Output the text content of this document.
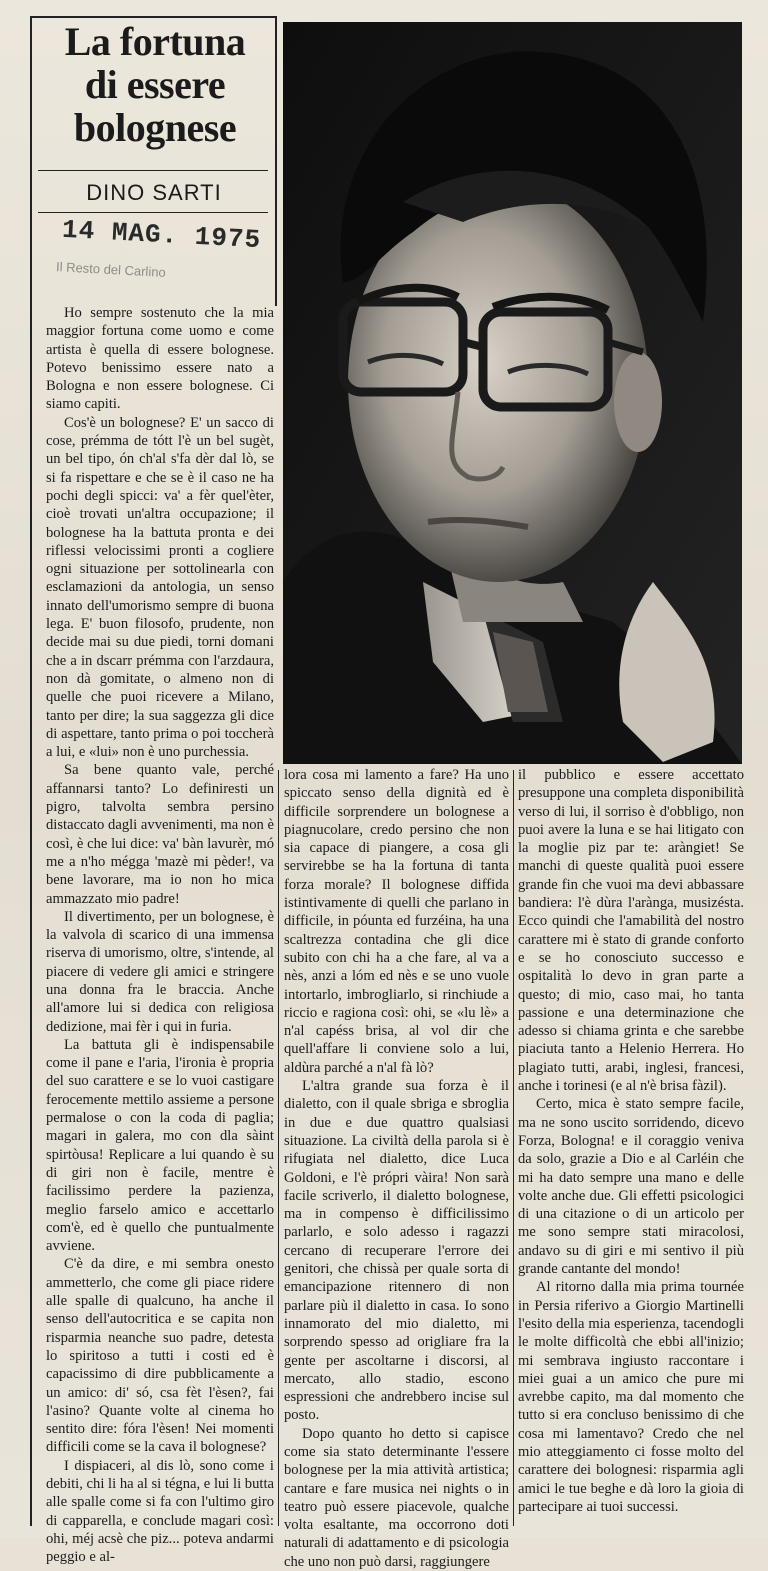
La fortuna
di essere
bolognese
DINO SARTI
14 MAG. 1975
Il Resto del Carlino

Ho sempre sostenuto che la mia maggior fortuna come uomo e come artista è quella di essere bolognese. Potevo benissimo essere nato a Bologna e non essere bolognese. Ci siamo capiti.

Cos'è un bolognese? E' un sacco di cose, prémma de tótt l'è un bel sugèt, un bel tipo, ón ch'al s'fa dèr dal lò, se si fa rispettare e che se è il caso ne ha pochi degli spicci: va' a fèr quel'èter, cioè trovati un'altra occupazione; il bolognese ha la battuta pronta e dei riflessi velocissimi pronti a cogliere ogni situazione per sottolinearla con esclamazioni da antologia, un senso innato dell'umorismo sempre di buona lega. E' buon filosofo, prudente, non decide mai su due piedi, torni domani che a in dscarr prémma con l'arzdaura, non dà gomitate, o almeno non di quelle che puoi ricevere a Milano, tanto per dire; la sua saggezza gli dice di aspettare, tanto prima o poi toccherà a lui, e «lui» non è uno purchessia.

Sa bene quanto vale, perché affannarsi tanto? Lo definiresti un pigro, talvolta sembra persino distaccato dagli avvenimenti, ma non è così, è che lui dice: va' bàn lavurèr, mó me a n'ho mégga 'mazè mi pèder!, va bene lavorare, ma io non ho mica ammazzato mio padre!

Il divertimento, per un bolognese, è la valvola di scarico di una immensa riserva di umorismo, oltre, s'intende, al piacere di vedere gli amici e stringere una donna fra le braccia. Anche all'amore lui si dedica con religiosa dedizione, mai fèr i qui in furia.

La battuta gli è indispensabile come il pane e l'aria, l'ironia è propria del suo carattere e se lo vuoi castigare ferocemente mettilo assieme a persone permalose o con la coda di paglia; magari in galera, mo con dla sàint spirtòusa! Replicare a lui quando è su di giri non è facile, mentre è facilissimo perdere la pazienza, meglio farselo amico e accettarlo com'è, ed è quello che puntualmente avviene.

C'è da dire, e mi sembra onesto ammetterlo, che come gli piace ridere alle spalle di qualcuno, ha anche il senso dell'autocritica e se capita non risparmia neanche suo padre, detesta lo spiritoso a tutti i costi ed è capacissimo di dire pubblicamente a un amico: di' só, csa fèt l'èsen?, fai l'asino? Quante volte al cinema ho sentito dire: fóra l'èsen! Nei momenti difficili come se la cava il bolognese?

I dispiaceri, al dis lò, sono come i debiti, chi li ha al si tégna, e lui li butta alle spalle come si fa con l'ultimo giro di capparella, e conclude magari così: ohi, méj acsè che piz... poteva andarmi peggio e al-

lora cosa mi lamento a fare? Ha uno spiccato senso della dignità ed è difficile sorprendere un bolognese a piagnucolare, credo persino che non sia capace di piangere, a cosa gli servirebbe se ha la fortuna di tanta forza morale? Il bolognese diffida istintivamente di quelli che parlano in difficile, in póunta ed furzéina, ha una scaltrezza contadina che gli dice subito con chi ha a che fare, al va a nès, anzi a lóm ed nès e se uno vuole intortarlo, imbrogliarlo, si rinchiude a riccio e ragiona così: ohi, se «lu lè» a n'al capéss brisa, al vol dir che quell'affare li conviene solo a lui, aldùra parché a n'al fà lò?

L'altra grande sua forza è il dialetto, con il quale sbriga e sbroglia in due e due quattro qualsiasi situazione. La civiltà della parola si è rifugiata nel dialetto, dice Luca Goldoni, e l'è própri vàira! Non sarà facile scriverlo, il dialetto bolognese, ma in compenso è difficilissimo parlarlo, e solo adesso i ragazzi cercano di recuperare l'errore dei genitori, che chissà per quale sorta di emancipazione ritennero di non parlare più il dialetto in casa. Io sono innamorato del mio dialetto, mi sorprendo spesso ad origliare fra la gente per ascoltarne i discorsi, al mercato, allo stadio, escono espressioni che andrebbero incise sul posto.

Dopo quanto ho detto si capisce come sia stato determinante l'essere bolognese per la mia attività artistica; cantare e fare musica nei nights o in teatro può essere piacevole, qualche volta esaltante, ma occorrono doti naturali di adattamento e di psicologia che uno non può darsi, raggiungere

il pubblico e essere accettato presuppone una completa disponibilità verso di lui, il sorriso è d'obbligo, non puoi avere la luna e se hai litigato con la moglie piz par te: aràngiet! Se manchi di queste qualità puoi essere grande fin che vuoi ma devi abbassare bandiera: l'è dùra l'arànga, musizésta. Ecco quindi che l'amabilità del nostro carattere mi è stato di grande conforto e se ho conosciuto successo e ospitalità lo devo in gran parte a questo; di mio, caso mai, ho tanta passione e una determinazione che adesso si chiama grinta e che sarebbe piaciuta tanto a Helenio Herrera. Ho plagiato tutti, arabi, inglesi, francesi, anche i torinesi (e al n'è brisa fàzil).

Certo, mica è stato sempre facile, ma ne sono uscito sorridendo, dicevo Forza, Bologna! e il coraggio veniva da solo, grazie a Dio e al Carléin che mi ha dato sempre una mano e delle volte anche due. Gli effetti psicologici di una citazione o di un articolo per me sono sempre stati miracolosi, andavo su di giri e mi sentivo il più grande cantante del mondo!

Al ritorno dalla mia prima tournée in Persia riferivo a Giorgio Martinelli l'esito della mia esperienza, tacendogli le molte difficoltà che ebbi all'inizio; mi sembrava ingiusto raccontare i miei guai a un amico che pure mi avrebbe capito, ma dal momento che tutto si era concluso benissimo di che cosa mi lamentavo? Credo che nel mio atteggiamento ci fosse molto del carattere dei bolognesi: risparmia agli amici le tue beghe e dà loro la gioia di partecipare ai tuoi successi.
